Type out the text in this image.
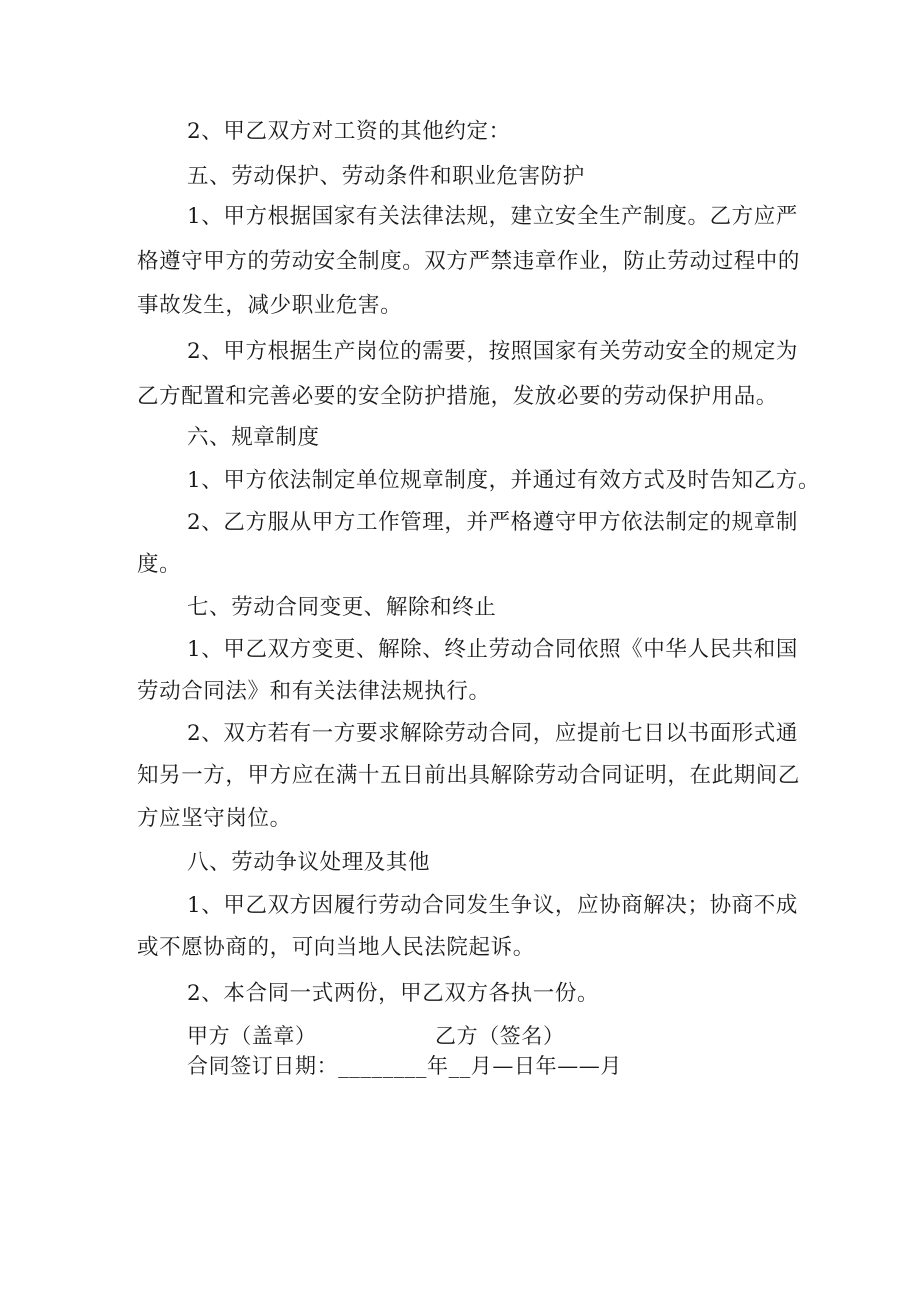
2、甲乙双方对工资的其他约定：
五、劳动保护、劳动条件和职业危害防护
1、甲方根据国家有关法律法规，建立安全生产制度。乙方应严
格遵守甲方的劳动安全制度。双方严禁违章作业，防止劳动过程中的
事故发生，减少职业危害。
2、甲方根据生产岗位的需要，按照国家有关劳动安全的规定为
乙方配置和完善必要的安全防护措施，发放必要的劳动保护用品。
六、规章制度
1、甲方依法制定单位规章制度，并通过有效方式及时告知乙方。
2、乙方服从甲方工作管理，并严格遵守甲方依法制定的规章制
度。
七、劳动合同变更、解除和终止
1、甲乙双方变更、解除、终止劳动合同依照《中华人民共和国
劳动合同法》和有关法律法规执行。
2、双方若有一方要求解除劳动合同，应提前七日以书面形式通
知另一方，甲方应在满十五日前出具解除劳动合同证明，在此期间乙
方应坚守岗位。
八、劳动争议处理及其他
1、甲乙双方因履行劳动合同发生争议，应协商解决；协商不成
或不愿协商的，可向当地人民法院起诉。
2、本合同一式两份，甲乙双方各执一份。
甲方（盖章）	乙方（签名）
合同签订日期：________年__月—日年——月
